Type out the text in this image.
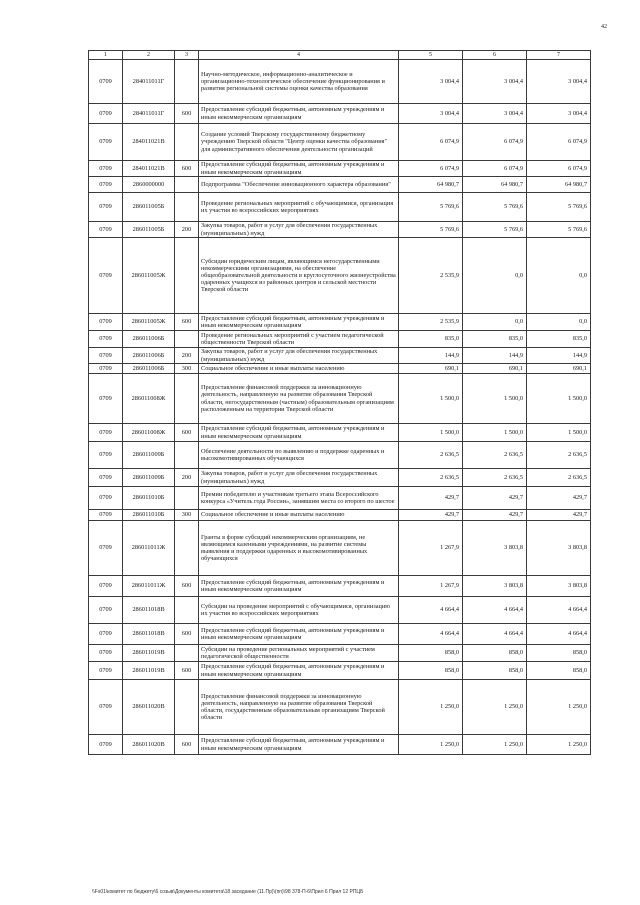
42
1	2	3	4	5	6	7
0709	284011011Г		Научно-методическое, информационно-аналитическое и организационно-технологическое обеспечение функционирования и развития региональной системы оценки качества образования	3 004,4	3 004,4	3 004,4
0709	284011011Г	600	Предоставление субсидий бюджетным, автономным учреждениям и иным некоммерческим организациям	3 004,4	3 004,4	3 004,4
0709	284011021В		Создание условий Тверскому государственному бюджетному учреждению Тверской области "Центр оценки качества образования" для административного обеспечения деятельности организаций	6 074,9	6 074,9	6 074,9
0709	284011021В	600	Предоставление субсидий бюджетным, автономным учреждениям и иным некоммерческим организациям	6 074,9	6 074,9	6 074,9
0709	2860000000		Подпрограмма "Обеспечение инновационного характера образования"	64 980,7	64 980,7	64 980,7
0709	286011005Б		Проведение региональных мероприятий с обучающимися, организация их участия во всероссийских мероприятиях	5 769,6	5 769,6	5 769,6
0709	286011005Б	200	Закупка товаров, работ и услуг для обеспечения государственных (муниципальных) нужд	5 769,6	5 769,6	5 769,6
0709	286011005Ж		Субсидии юридическим лицам, являющимся негосударственными некоммерческими организациями, на обеспечение общеобразовательной деятельности в круглосуточного жизнеустройства одаренных учащихся из районных центров и сельской местности Тверской области	2 535,9	0,0	0,0
0709	286011005Ж	600	Предоставление субсидий бюджетным, автономным учреждениям и иным некоммерческим организациям	2 535,9	0,0	0,0
0709	286011006Б		Проведение региональных мероприятий с участием педагогической общественности Тверской области	835,0	835,0	835,0
0709	286011006Б	200	Закупка товаров, работ и услуг для обеспечения государственных (муниципальных) нужд	144,9	144,9	144,9
0709	286011006Б	300	Социальное обеспечение и иные выплаты населению	690,1	690,1	690,1
0709	286011008Ж		Предоставление финансовой поддержки за инновационную деятельность, направленную на развитие образования Тверской области, негосударственным (частным) образовательным организациям расположенным на территории Тверской области	1 500,0	1 500,0	1 500,0
0709	286011008Ж	600	Предоставление субсидий бюджетным, автономным учреждениям и иным некоммерческим организациям	1 500,0	1 500,0	1 500,0
0709	286011009Б		Обеспечение деятельности по выявлению и поддержке одаренных и высокомотивированных обучающихся	2 636,5	2 636,5	2 636,5
0709	286011009Б	200	Закупка товаров, работ и услуг для обеспечения государственных (муниципальных) нужд	2 636,5	2 636,5	2 636,5
0709	286011010Б		Премии победителю и участникам третьего этапа Всероссийского конкурса «Учитель года России», занявшим места со второго по шестое	429,7	429,7	429,7
0709	286011010Б	300	Социальное обеспечение и иные выплаты населению	429,7	429,7	429,7
0709	286011011Ж		Гранты в форме субсидий некоммерческим организациям, не являющимся казенными учреждениями, на развитие системы выявления и поддержки одаренных и высокомотивированных обучающихся	1 267,9	3 803,8	3 803,8
0709	286011011Ж	600	Предоставление субсидий бюджетным, автономным учреждениям и иным некоммерческим организациям	1 267,9	3 803,8	3 803,8
0709	286011018В		Субсидии на проведение мероприятий с обучающимися, организацию их участия во всероссийских мероприятиях	4 664,4	4 664,4	4 664,4
0709	286011018В	600	Предоставление субсидий бюджетным, автономным учреждениям и иным некоммерческим организациям	4 664,4	4 664,4	4 664,4
0709	286011019В		Субсидии на проведение региональных мероприятий с участием педагогической общественности	858,0	858,0	858,0
0709	286011019В	600	Предоставление субсидий бюджетным, автономным учреждениям и иным некоммерческим организациям	858,0	858,0	858,0
0709	286011020В		Предоставление финансовой поддержки за инновационную деятельность, направленную на развитие образования Тверской области, государственным образовательным организациям Тверской области	1 250,0	1 250,0	1 250,0
0709	286011020В	600	Предоставление субсидий бюджетным, автономным учреждениям и иным некоммерческим организациям	1 250,0	1 250,0	1 250,0
\\Fs01\комитет по бюджету\6 созыв\Документы комитета\18 заседание (11.Пр)\(пп)\98 378-П-6\Прил 6 Прил 12 РПЦБ
